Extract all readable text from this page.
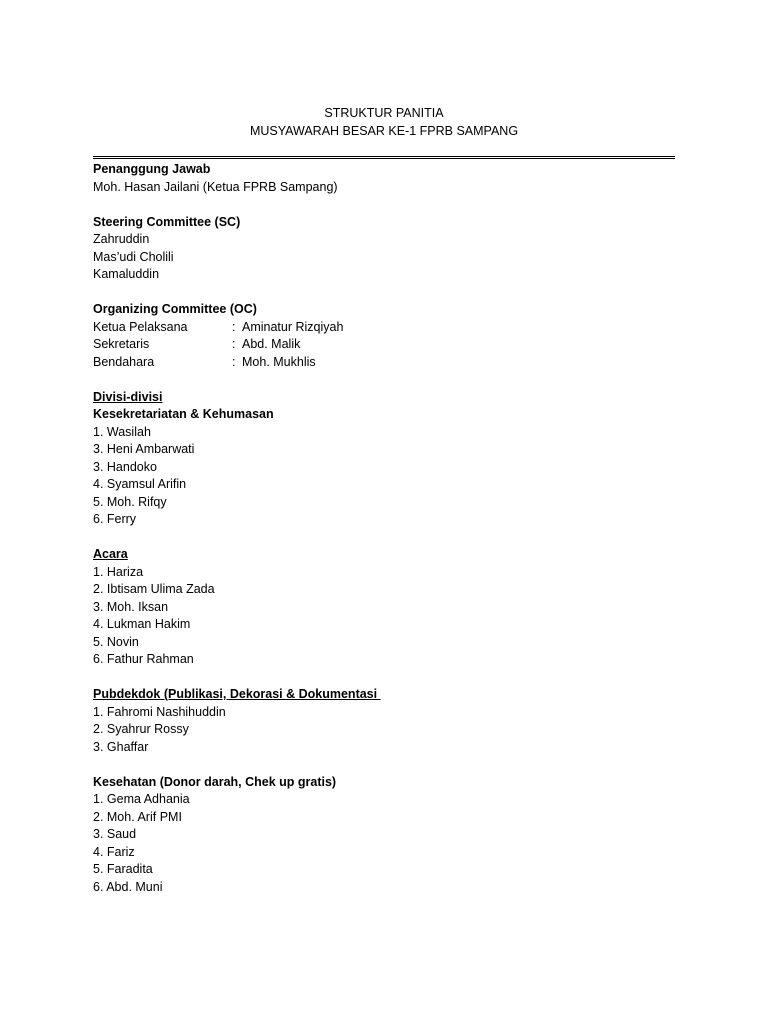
STRUKTUR PANITIA
MUSYAWARAH BESAR KE-1 FPRB SAMPANG
Penanggung Jawab
Moh. Hasan Jailani (Ketua FPRB Sampang)
Steering Committee (SC)
Zahruddin
Mas’udi Cholili
Kamaluddin
Organizing Committee (OC)
Ketua Pelaksana	: Aminatur Rizqiyah
Sekretaris	: Abd. Malik
Bendahara	: Moh. Mukhlis
Divisi-divisi
Kesekretariatan & Kehumasan
1. Wasilah
3. Heni Ambarwati
3. Handoko
4. Syamsul Arifin
5. Moh. Rifqy
6. Ferry
Acara
1. Hariza
2. Ibtisam Ulima Zada
3. Moh. Iksan
4. Lukman Hakim
5. Novin
6. Fathur Rahman
Pubdekdok (Publikasi, Dekorasi & Dokumentasi
1. Fahromi Nashihuddin
2. Syahrur Rossy
3. Ghaffar
Kesehatan (Donor darah, Chek up gratis)
1. Gema Adhania
2. Moh. Arif PMI
3. Saud
4. Fariz
5. Faradita
6. Abd. Muni
